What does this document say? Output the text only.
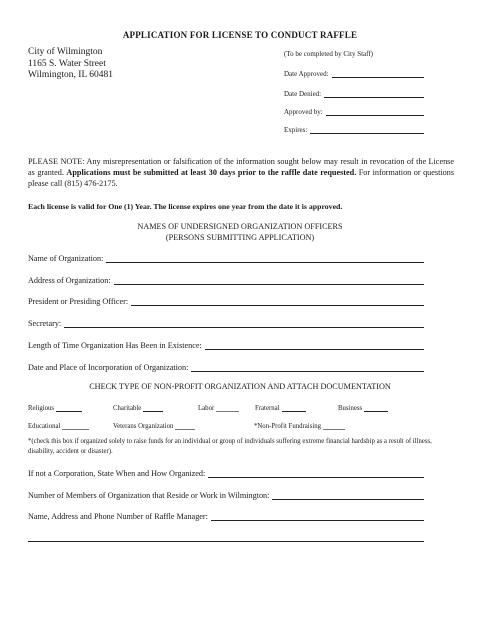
APPLICATION FOR LICENSE TO CONDUCT RAFFLE
City of Wilmington
1165 S. Water Street
Wilmington, IL 60481
(To be completed by City Staff)
Date Approved:
Date Denied:
Approved by:
Expires:
PLEASE NOTE: Any misrepresentation or falsification of the information sought below may result in revocation of the License as granted. Applications must be submitted at least 30 days prior to the raffle date requested. For information or questions please call (815) 476-2175.
Each license is valid for One (1) Year. The license expires one year from the date it is approved.
NAMES OF UNDERSIGNED ORGANIZATION OFFICERS
(PERSONS SUBMITTING APPLICATION)
Name of Organization:
Address of Organization:
President or Presiding Officer:
Secretary:
Length of Time Organization Has Been in Existence:
Date and Place of Incorporation of Organization:
CHECK TYPE OF NON-PROFIT ORGANIZATION AND ATTACH DOCUMENTATION
Religious	Charitable	Labor	Fraternal	Business
Educational	Veterans Organization	*Non-Profit Fundraising
*(check this box if organized solely to raise funds for an individual or group of individuals suffering extreme financial hardship as a result of illness, disability, accident or disaster).
If not a Corporation, State When and How Organized:
Number of Members of Organization that Reside or Work in Wilmington:
Name, Address and Phone Number of Raffle Manager:
